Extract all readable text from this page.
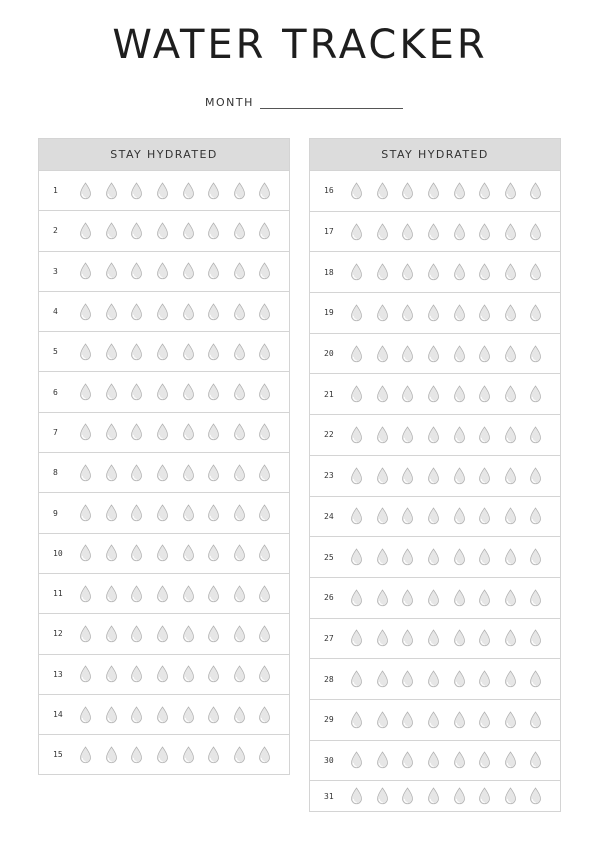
WATER TRACKER
MONTH
STAY HYDRATED
1
2
3
4
5
6
7
8
9
10
11
12
13
14
15
STAY HYDRATED
16
17
18
19
20
21
22
23
24
25
26
27
28
29
30
31
